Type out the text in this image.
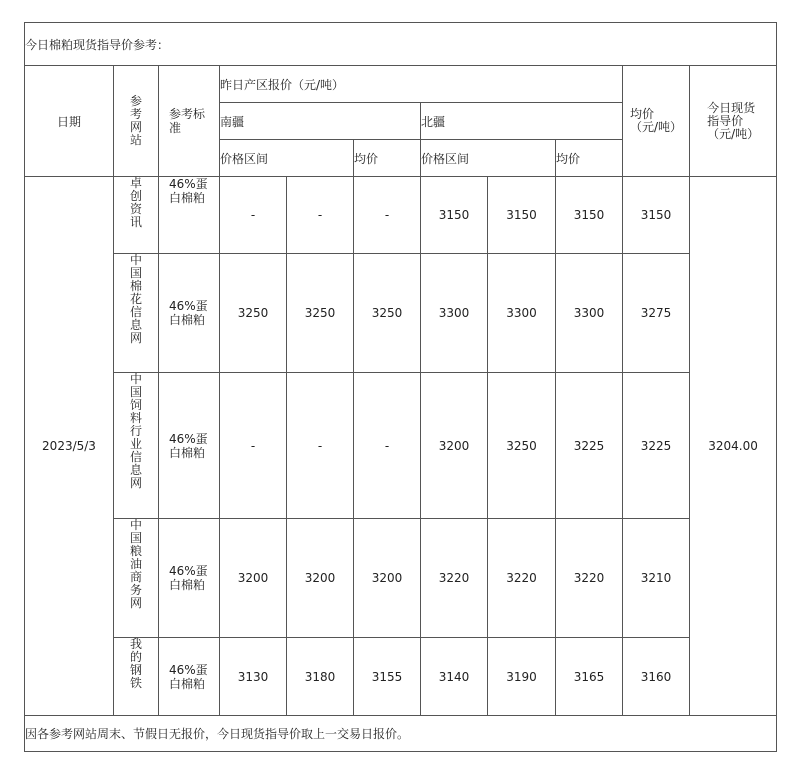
今日棉粕现货指导价参考：										
日期	参考网站	参考标准	昨日产区报价（元/吨）						均价（元/吨）	今日现货指导价（元/吨）
			南疆			北疆				
			价格区间		均价	价格区间		均价		
2023/5/3	卓创资讯	46%蛋白棉粕	-	-	-	3150	3150	3150	3150	3204.00
	中国棉花信息网	46%蛋白棉粕	3250	3250	3250	3300	3300	3300	3275	
	中国饲料行业信息网	46%蛋白棉粕	-	-	-	3200	3250	3225	3225	
	中国粮油商务网	46%蛋白棉粕	3200	3200	3200	3220	3220	3220	3210	
	我的钢铁	46%蛋白棉粕	3130	3180	3155	3140	3190	3165	3160	
因各参考网站周末、节假日无报价，今日现货指导价取上一交易日报价。										
